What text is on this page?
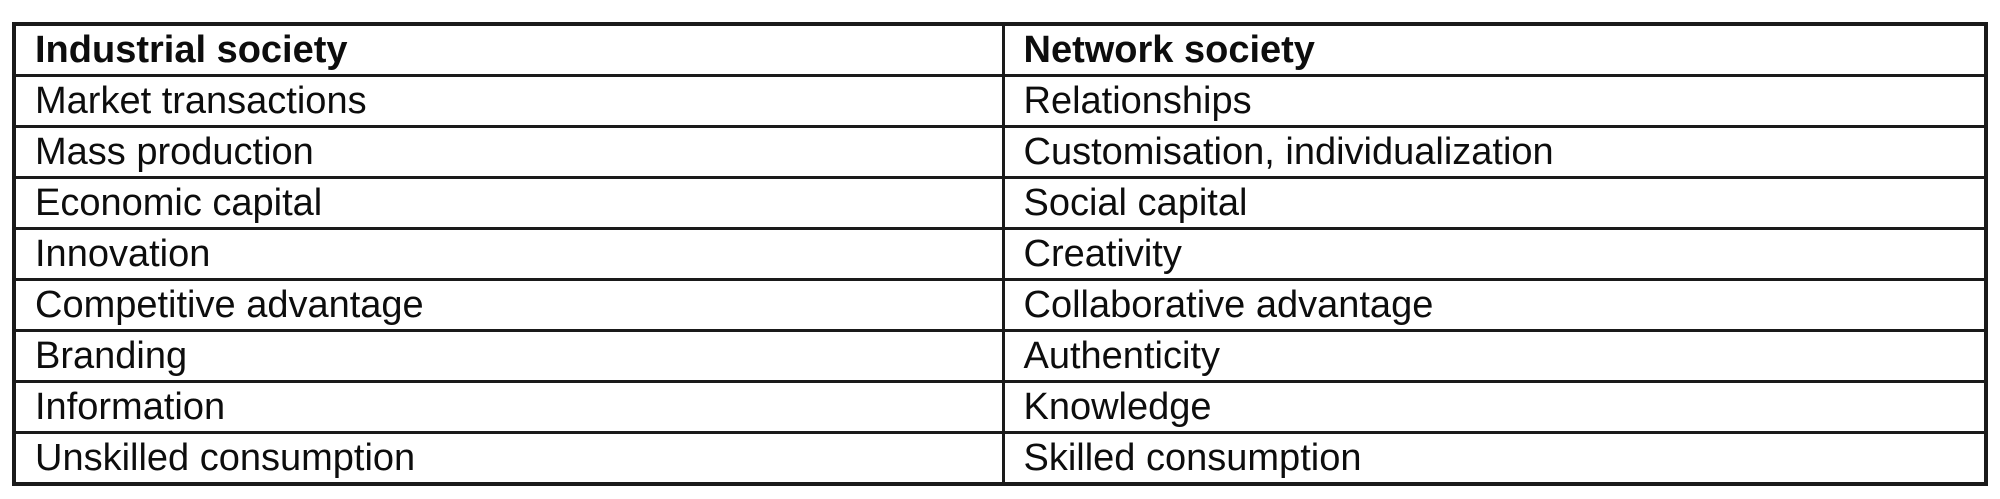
Industrial society	Network society
Market transactions	Relationships
Mass production	Customisation, individualization
Economic capital	Social capital
Innovation	Creativity
Competitive advantage	Collaborative advantage
Branding	Authenticity
Information	Knowledge
Unskilled consumption	Skilled consumption
